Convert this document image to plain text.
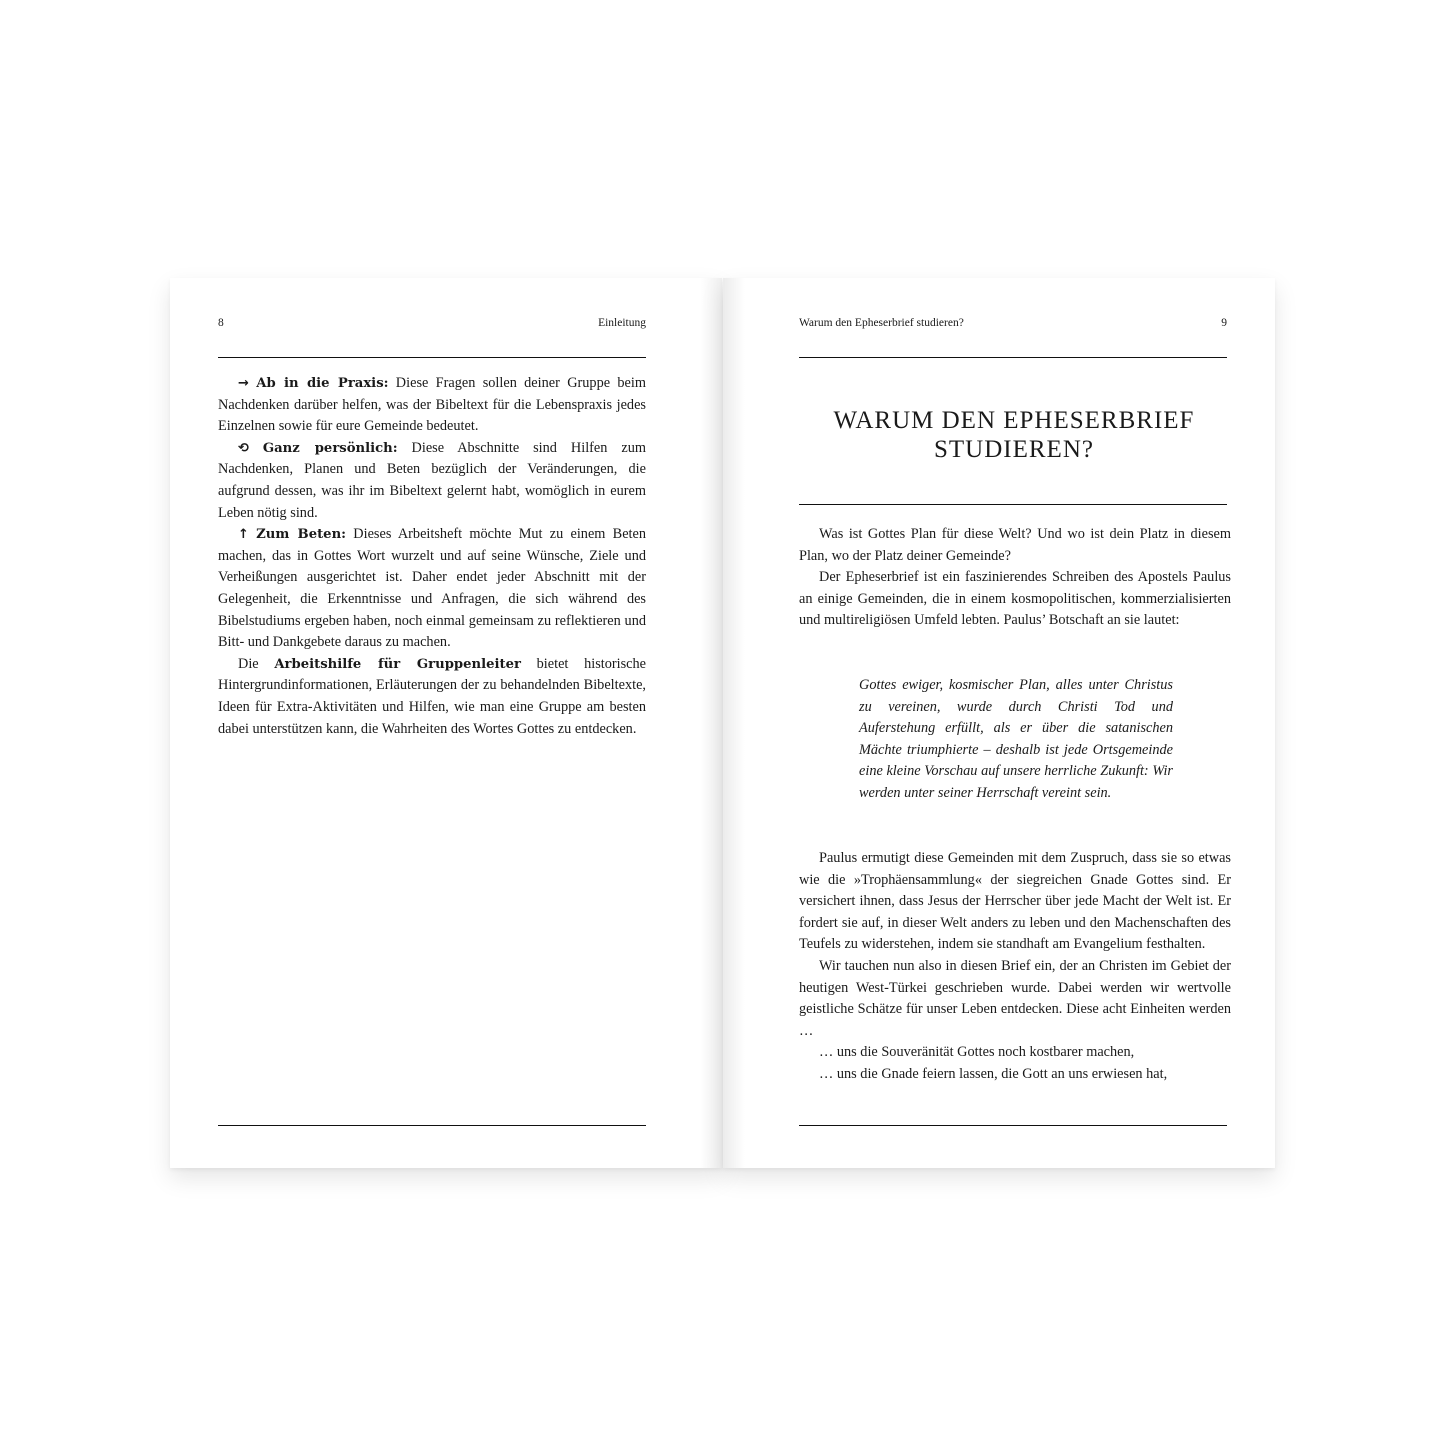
8	Einleitung

→ Ab in die Praxis: Diese Fragen sollen deiner Gruppe beim Nachdenken darüber helfen, was der Bibeltext für die Lebenspraxis jedes Einzelnen sowie für eure Gemeinde bedeutet.

⟲ Ganz persönlich: Diese Abschnitte sind Hilfen zum Nachdenken, Planen und Beten bezüglich der Veränderungen, die aufgrund dessen, was ihr im Bibeltext gelernt habt, womöglich in eurem Leben nötig sind.

↑ Zum Beten: Dieses Arbeitsheft möchte Mut zu einem Beten machen, das in Gottes Wort wurzelt und auf seine Wünsche, Ziele und Verheißungen ausgerichtet ist. Daher endet jeder Abschnitt mit der Gelegenheit, die Erkenntnisse und Anfragen, die sich während des Bibelstudiums ergeben haben, noch einmal gemeinsam zu reflektieren und Bitt- und Dankgebete daraus zu machen.

Die Arbeitshilfe für Gruppenleiter bietet historische Hintergrundinformationen, Erläuterungen der zu behandelnden Bibeltexte, Ideen für Extra-Aktivitäten und Hilfen, wie man eine Gruppe am besten dabei unterstützen kann, die Wahrheiten des Wortes Gottes zu entdecken.

Warum den Epheserbrief studieren?	9
WARUM DEN EPHESERBRIEF STUDIEREN?

Was ist Gottes Plan für diese Welt? Und wo ist dein Platz in diesem Plan, wo der Platz deiner Gemeinde?

Der Epheserbrief ist ein faszinierendes Schreiben des Apostels Paulus an einige Gemeinden, die in einem kosmopolitischen, kommerzialisierten und multireligiösen Umfeld lebten. Paulus’ Botschaft an sie lautet:

Gottes ewiger, kosmischer Plan, alles unter Christus zu vereinen, wurde durch Christi Tod und Auferstehung erfüllt, als er über die satanischen Mächte triumphierte – deshalb ist jede Ortsgemeinde eine kleine Vorschau auf unsere herrliche Zukunft: Wir werden unter seiner Herrschaft vereint sein.

Paulus ermutigt diese Gemeinden mit dem Zuspruch, dass sie so etwas wie die »Trophäensammlung« der siegreichen Gnade Gottes sind. Er versichert ihnen, dass Jesus der Herrscher über jede Macht der Welt ist. Er fordert sie auf, in dieser Welt anders zu leben und den Machenschaften des Teufels zu widerstehen, indem sie standhaft am Evangelium festhalten.

Wir tauchen nun also in diesen Brief ein, der an Christen im Gebiet der heutigen West-Türkei geschrieben wurde. Dabei werden wir wertvolle geistliche Schätze für unser Leben entdecken. Diese acht Einheiten werden …

… uns die Souveränität Gottes noch kostbarer machen,

… uns die Gnade feiern lassen, die Gott an uns erwiesen hat,
